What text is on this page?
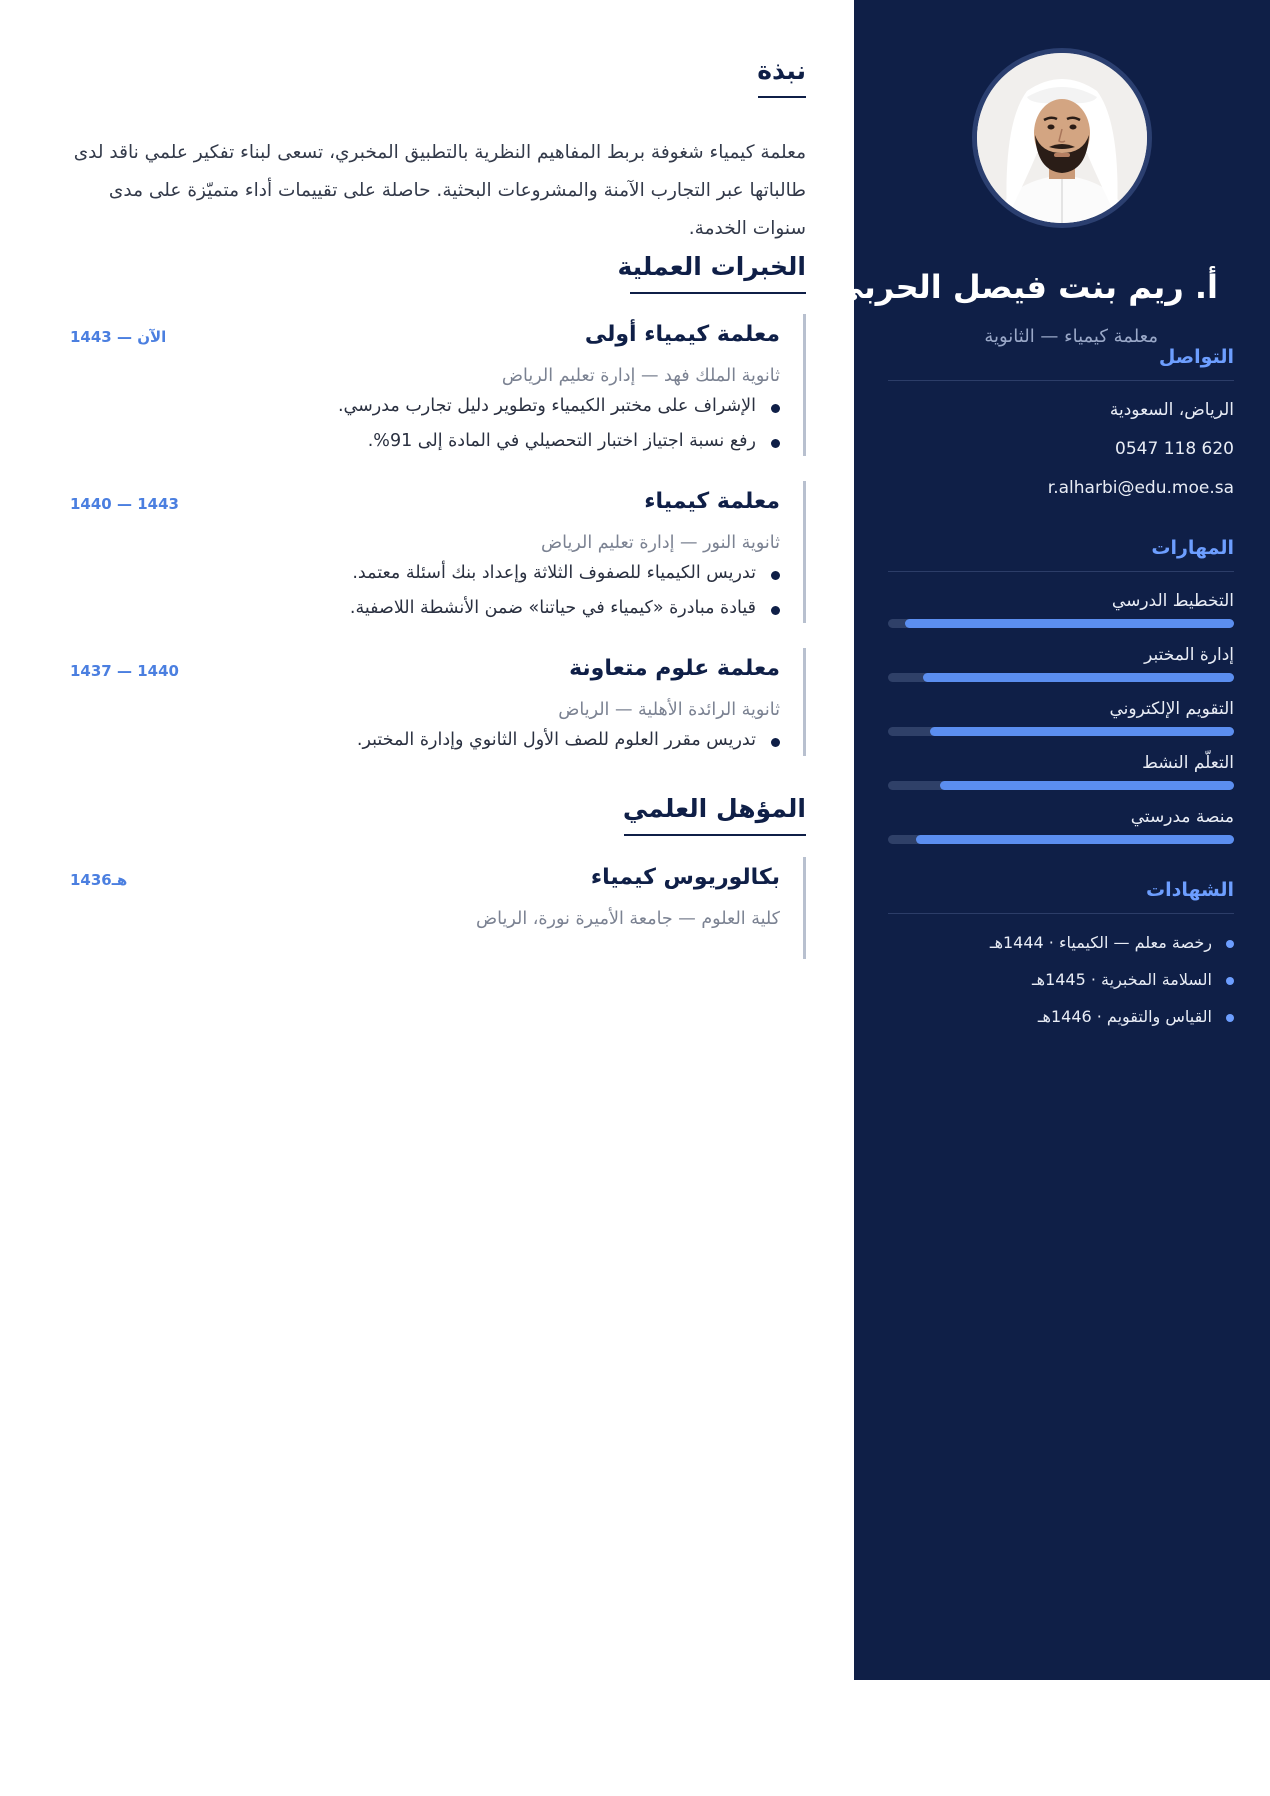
أ. ريم بنت فيصل الحربي
معلمة كيمياء — الثانوية
التواصل
الرياض، السعودية
0547 118 620
r.alharbi@edu.moe.sa
المهارات
التخطيط الدرسي
إدارة المختبر
التقويم الإلكتروني
التعلّم النشط
منصة مدرستي
الشهادات
رخصة معلم — الكيمياء · 1444هـ
السلامة المخبرية · 1445هـ
القياس والتقويم · 1446هـ
نبذة

معلمة كيمياء شغوفة بربط المفاهيم النظرية بالتطبيق المخبري، تسعى لبناء تفكير علمي ناقد لدى طالباتها عبر التجارب الآمنة والمشروعات البحثية. حاصلة على تقييمات أداء متميّزة على مدى سنوات الخدمة.

الخبرات العملية
معلمة كيمياء أولى
1443 — الآن
ثانوية الملك فهد — إدارة تعليم الرياض
الإشراف على مختبر الكيمياء وتطوير دليل تجارب مدرسي.
رفع نسبة اجتياز اختبار التحصيلي في المادة إلى 91%.
معلمة كيمياء
1440 — 1443
ثانوية النور — إدارة تعليم الرياض
تدريس الكيمياء للصفوف الثلاثة وإعداد بنك أسئلة معتمد.
قيادة مبادرة «كيمياء في حياتنا» ضمن الأنشطة اللاصفية.
معلمة علوم متعاونة
1437 — 1440
ثانوية الرائدة الأهلية — الرياض
تدريس مقرر العلوم للصف الأول الثانوي وإدارة المختبر.
المؤهل العلمي
بكالوريوس كيمياء
1436هـ
كلية العلوم — جامعة الأميرة نورة، الرياض
